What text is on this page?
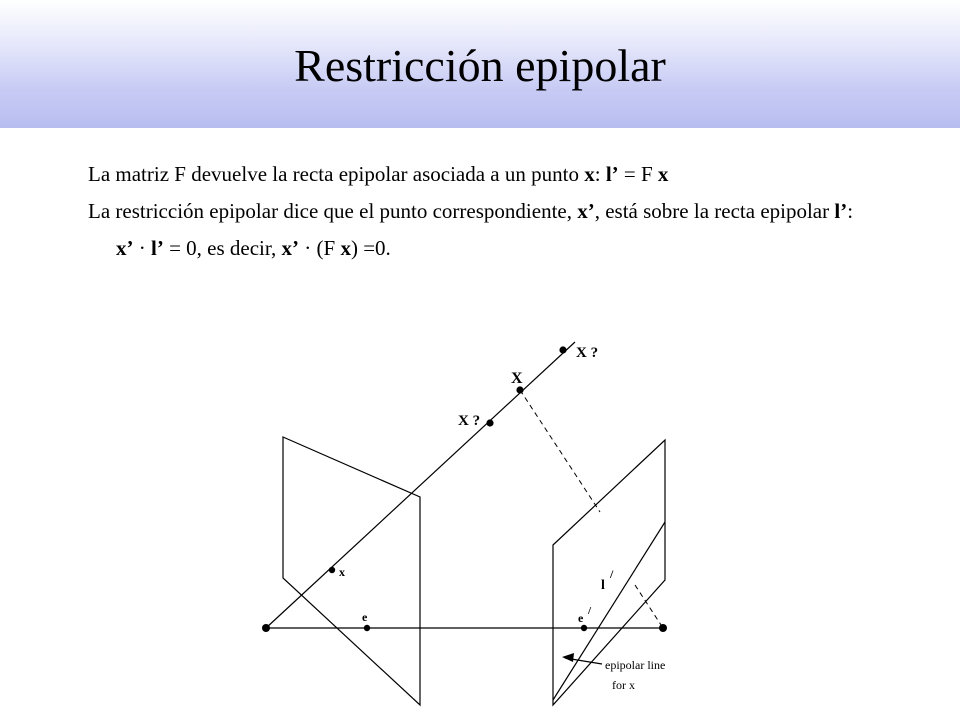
Restricción epipolar

La matriz F devuelve la recta epipolar asociada a un punto x: l’ = F x

La restricción epipolar dice que el punto correspondiente, x’, está sobre la recta epipolar l’:

x’ · l’ = 0, es decir, x’ · (F x) =0.

X ?
X
X ?
x
e
l
/
e /
epipolar line
for x
